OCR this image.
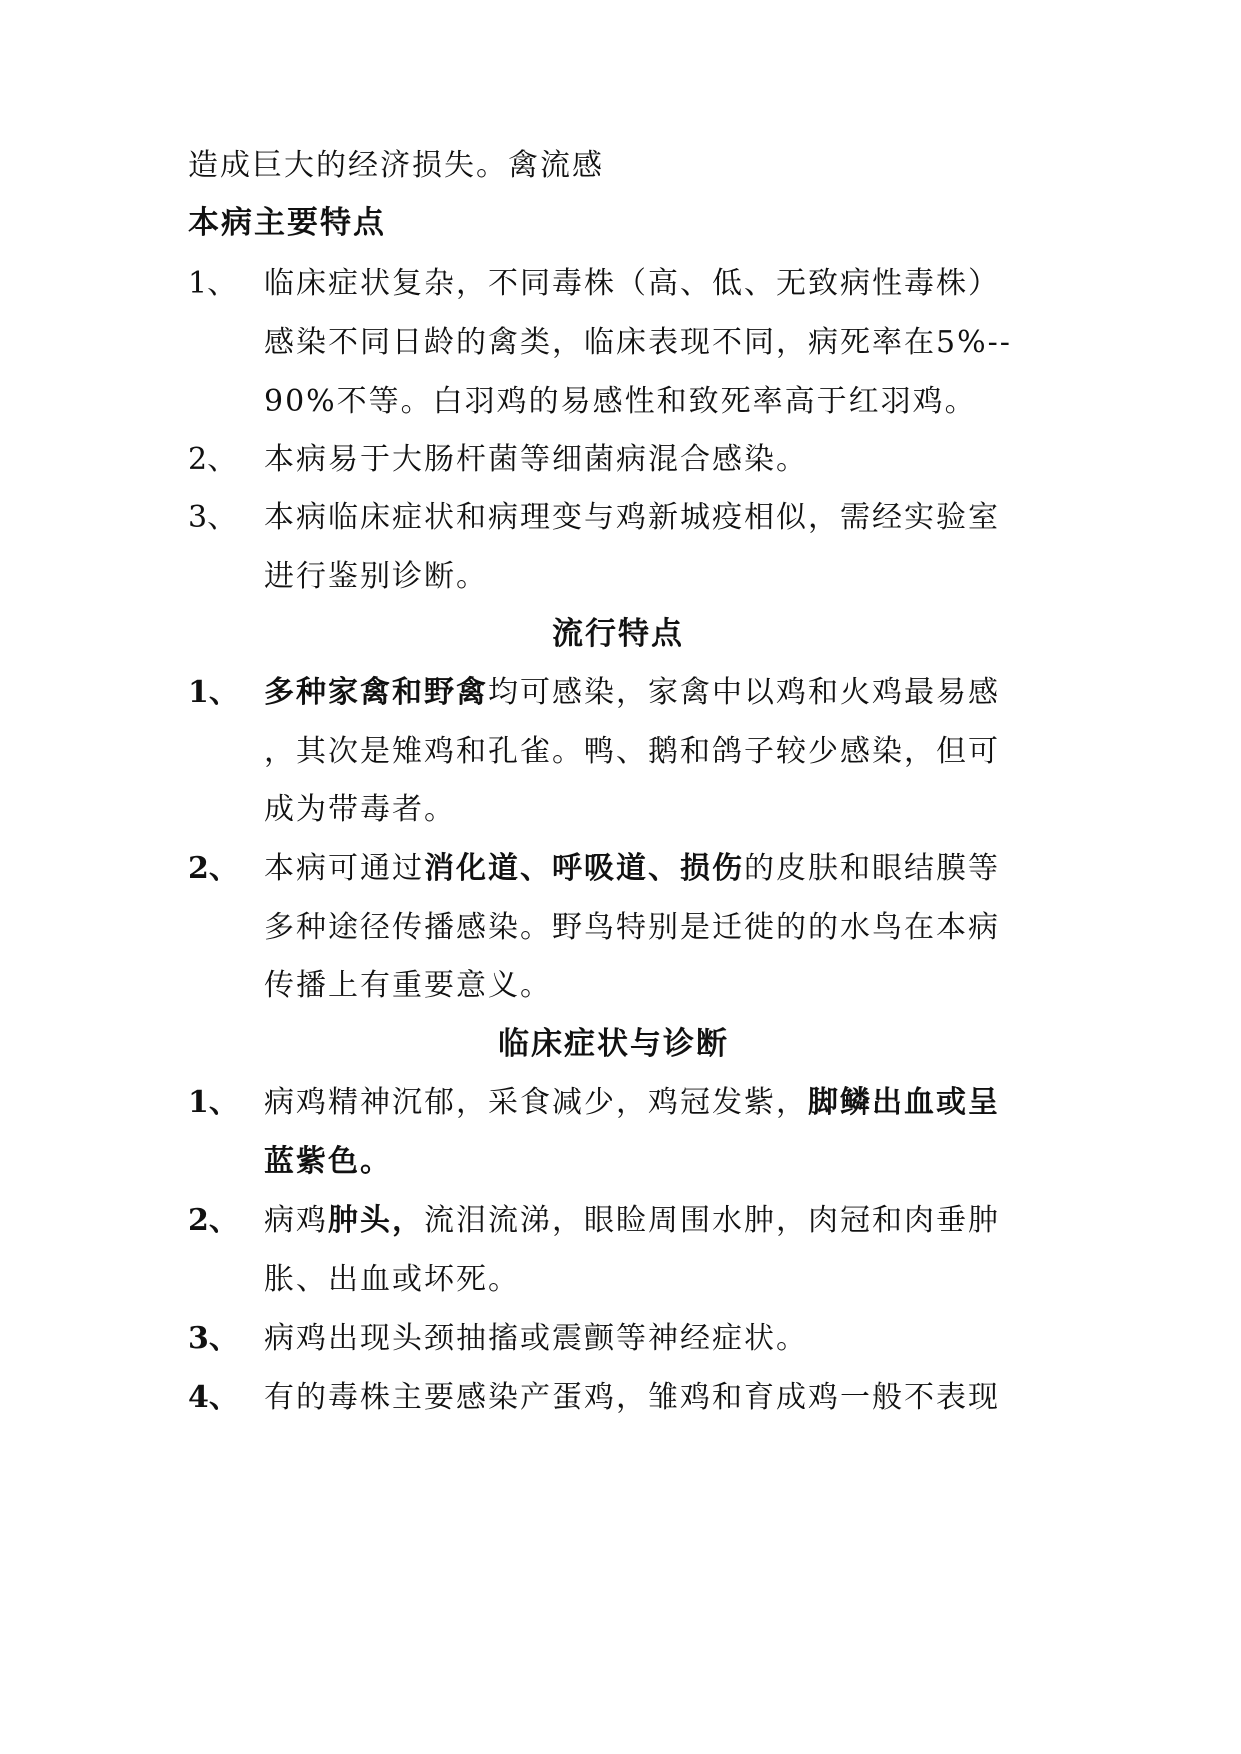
造成巨大的经济损失。禽流感
本病主要特点
1、 临床症状复杂，不同毒株（高、低、无致病性毒株）
感染不同日龄的禽类，临床表现不同，病死率在5%--
90%不等。白羽鸡的易感性和致死率高于红羽鸡。
2、 本病易于大肠杆菌等细菌病混合感染。
3、 本病临床症状和病理变与鸡新城疫相似，需经实验室
进行鉴别诊断。
流行特点
1、 多种家禽和野禽均可感染，家禽中以鸡和火鸡最易感
，其次是雉鸡和孔雀。鸭、鹅和鸽子较少感染，但可
成为带毒者。
2、 本病可通过消化道、呼吸道、损伤的皮肤和眼结膜等
多种途径传播感染。野鸟特别是迁徙的的水鸟在本病
传播上有重要意义。
临床症状与诊断
1、 病鸡精神沉郁，采食减少，鸡冠发紫，脚鳞出血或呈
蓝紫色。
2、 病鸡肿头，流泪流涕，眼睑周围水肿，肉冠和肉垂肿
胀、出血或坏死。
3、 病鸡出现头颈抽搐或震颤等神经症状。
4、 有的毒株主要感染产蛋鸡，雏鸡和育成鸡一般不表现
